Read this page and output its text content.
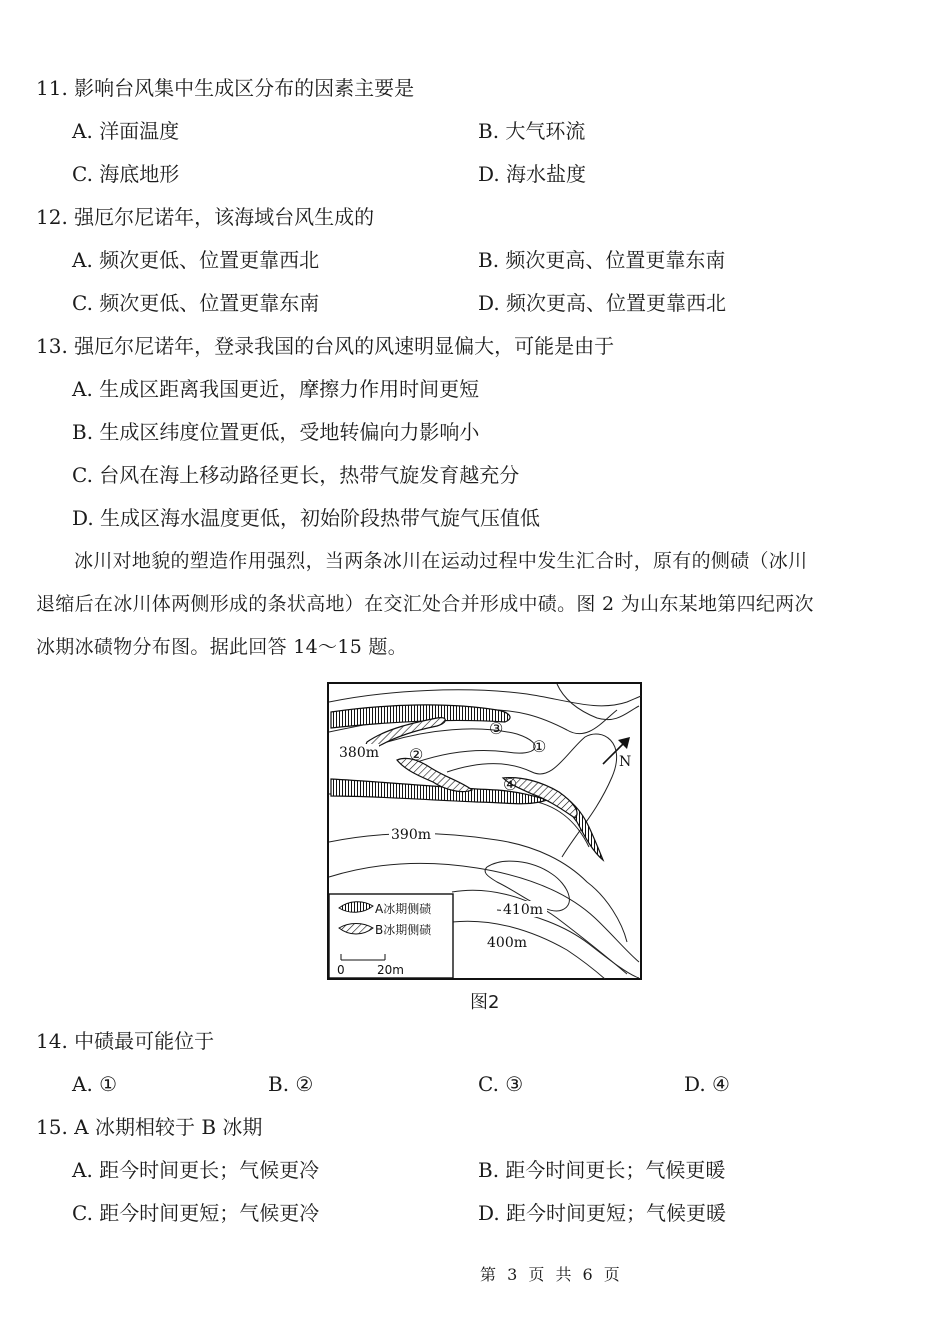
11. 影响台风集中生成区分布的因素主要是
A. 洋面温度	B. 大气环流
C. 海底地形	D. 海水盐度
12. 强厄尔尼诺年，该海域台风生成的
A. 频次更低、位置更靠西北	B. 频次更高、位置更靠东南
C. 频次更低、位置更靠东南	D. 频次更高、位置更靠西北
13. 强厄尔尼诺年，登录我国的台风的风速明显偏大，可能是由于
A. 生成区距离我国更近，摩擦力作用时间更短
B. 生成区纬度位置更低，受地转偏向力影响小
C. 台风在海上移动路径更长，热带气旋发育越充分
D. 生成区海水温度更低，初始阶段热带气旋气压值低

冰川对地貌的塑造作用强烈，当两条冰川在运动过程中发生汇合时，原有的侧碛（冰川

退缩后在冰川体两侧形成的条状高地）在交汇处合并形成中碛。图 2 为山东某地第四纪两次

冰期冰碛物分布图。据此回答 14～15 题。

380m
390m
410m
400m
①
②
③
④
N
A冰期侧碛
B冰期侧碛
0	20m
图2
14. 中碛最可能位于
A. ①	B. ②	C. ③	D. ④
15. A 冰期相较于 B 冰期
A. 距今时间更长；气候更冷	B. 距今时间更长；气候更暖
C. 距今时间更短；气候更冷	D. 距今时间更短；气候更暖
第 3 页 共 6 页
